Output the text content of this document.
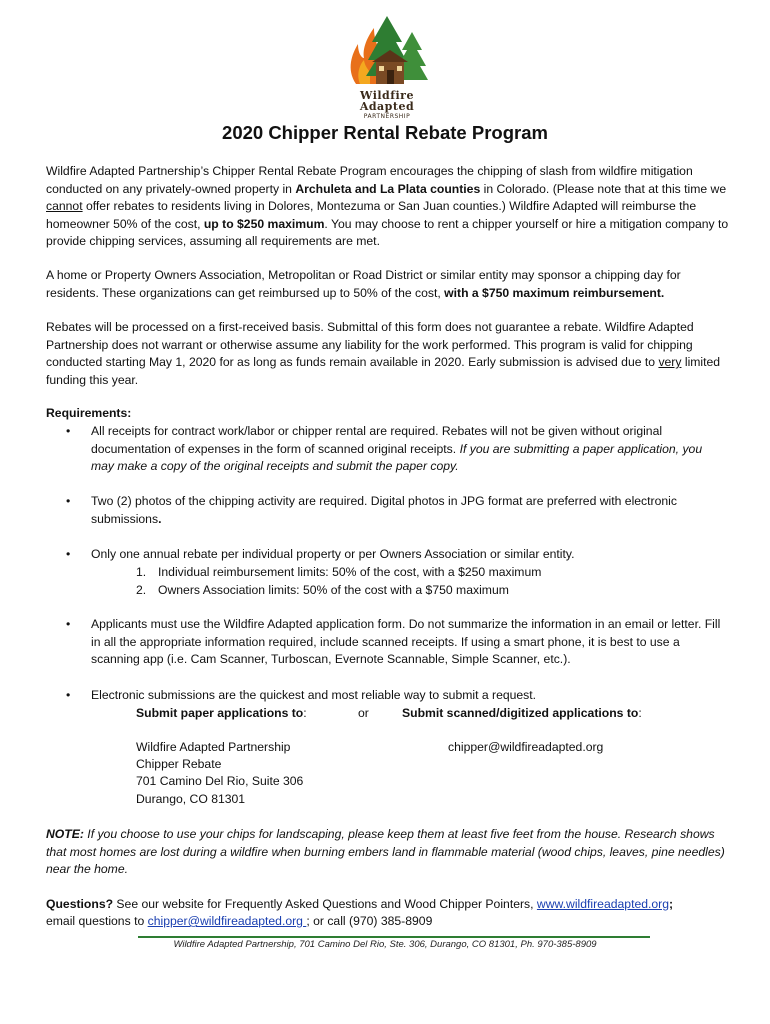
Wildfire
Adapted
PARTNERSHIP
2020 Chipper Rental Rebate Program

Wildfire Adapted Partnership’s Chipper Rental Rebate Program encourages the chipping of slash from wildfire mitigation conducted on any privately-owned property in Archuleta and La Plata counties in Colorado. (Please note that at this time we cannot offer rebates to residents living in Dolores, Montezuma or San Juan counties.) Wildfire Adapted will reimburse the homeowner 50% of the cost, up to $250 maximum. You may choose to rent a chipper yourself or hire a mitigation company to provide chipping services, assuming all requirements are met.

A home or Property Owners Association, Metropolitan or Road District or similar entity may sponsor a chipping day for residents. These organizations can get reimbursed up to 50% of the cost, with a $750 maximum reimbursement.

Rebates will be processed on a first-received basis. Submittal of this form does not guarantee a rebate. Wildfire Adapted Partnership does not warrant or otherwise assume any liability for the work performed. This program is valid for chipping conducted starting May 1, 2020 for as long as funds remain available in 2020. Early submission is advised due to very limited funding this year.

Requirements:
•	All receipts for contract work/labor or chipper rental are required. Rebates will not be given without original documentation of expenses in the form of scanned original receipts. If you are submitting a paper application, you may make a copy of the original receipts and submit the paper copy.
•	Two (2) photos of the chipping activity are required. Digital photos in JPG format are preferred with electronic submissions.
•	Only one annual rebate per individual property or per Owners Association or similar entity.
1. Individual reimbursement limits: 50% of the cost, with a $250 maximum
2. Owners Association limits: 50% of the cost with a $750 maximum
•	Applicants must use the Wildfire Adapted application form. Do not summarize the information in an email or letter. Fill in all the appropriate information required, include scanned receipts. If using a smart phone, it is best to use a scanning app (i.e. Cam Scanner, Turboscan, Evernote Scannable, Simple Scanner, etc.).
•	Electronic submissions are the quickest and most reliable way to submit a request.
Submit paper applications to:	or	Submit scanned/digitized applications to:
Wildfire Adapted Partnership
Chipper Rebate
701 Camino Del Rio, Suite 306
Durango, CO 81301
chipper@wildfireadapted.org

NOTE: If you choose to use your chips for landscaping, please keep them at least five feet from the house. Research shows that most homes are lost during a wildfire when burning embers land in flammable material (wood chips, leaves, pine needles) near the home.

Questions? See our website for Frequently Asked Questions and Wood Chipper Pointers, www.wildfireadapted.org;
email questions to chipper@wildfireadapted.org ; or call (970) 385-8909
Wildfire Adapted Partnership, 701 Camino Del Rio, Ste. 306, Durango, CO 81301, Ph. 970-385-8909
